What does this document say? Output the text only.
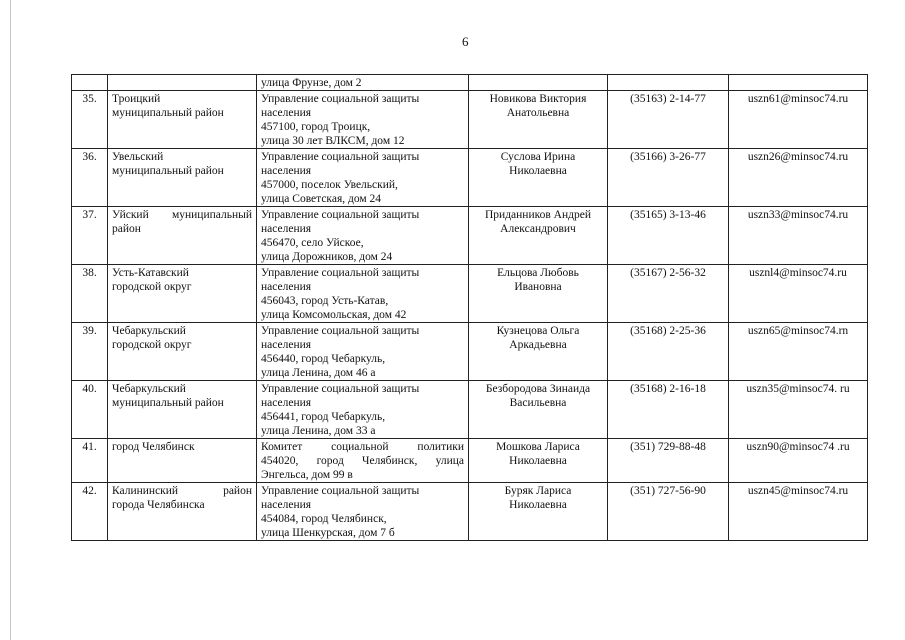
6

		улица Фрунзе, дом 2			

35.	Троицкий
муниципальный район	Управление социальной защиты
населения
457100, город Троицк,
улица 30 лет ВЛКСМ, дом 12	Новикова Виктория
Анатольевна	(35163) 2-14-77	uszn61@minsoc74.ru
36.	Увельский
муниципальный район	Управление социальной защиты
населения
457000, поселок Увельский,
улица Советская, дом 24	Суслова Ирина
Николаевна	(35166) 3-26-77	uszn26@minsoc74.ru
37.	Уйский муниципальный
район	Управление социальной защиты
населения
456470, село Уйское,
улица Дорожников, дом 24	Приданников Андрей
Александрович	(35165) 3-13-46	uszn33@minsoc74.ru
38.	Усть-Катавский
городской округ	Управление социальной защиты
населения
456043, город Усть-Катав,
улица Комсомольская, дом 42	Ельцова Любовь
Ивановна	(35167) 2-56-32	usznl4@minsoc74.ru
39.	Чебаркульский
городской округ	Управление социальной защиты
населения
456440, город Чебаркуль,
улица Ленина, дом 46 а	Кузнецова Ольга
Аркадьевна	(35168) 2-25-36	uszn65@minsoc74.rn
40.	Чебаркульский
муниципальный район	Управление социальной защиты
населения
456441, город Чебаркуль,
улица Ленина, дом 33 а	Безбородова Зинаида
Васильевна	(35168) 2-16-18	uszn35@minsoc74. ru
41.	город Челябинск	Комитет социальной политики
454020, город Челябинск, улица
Энгельса, дом 99 в	Мошкова Лариса
Николаевна	(351) 729-88-48	uszn90@minsoc74 .ru
42.	Калининский район
города Челябинска	Управление социальной защиты
населения
454084, город Челябинск,
улица Шенкурская, дом 7 б	Буряк Лариса
Николаевна	(351) 727-56-90	uszn45@minsoc74.ru
